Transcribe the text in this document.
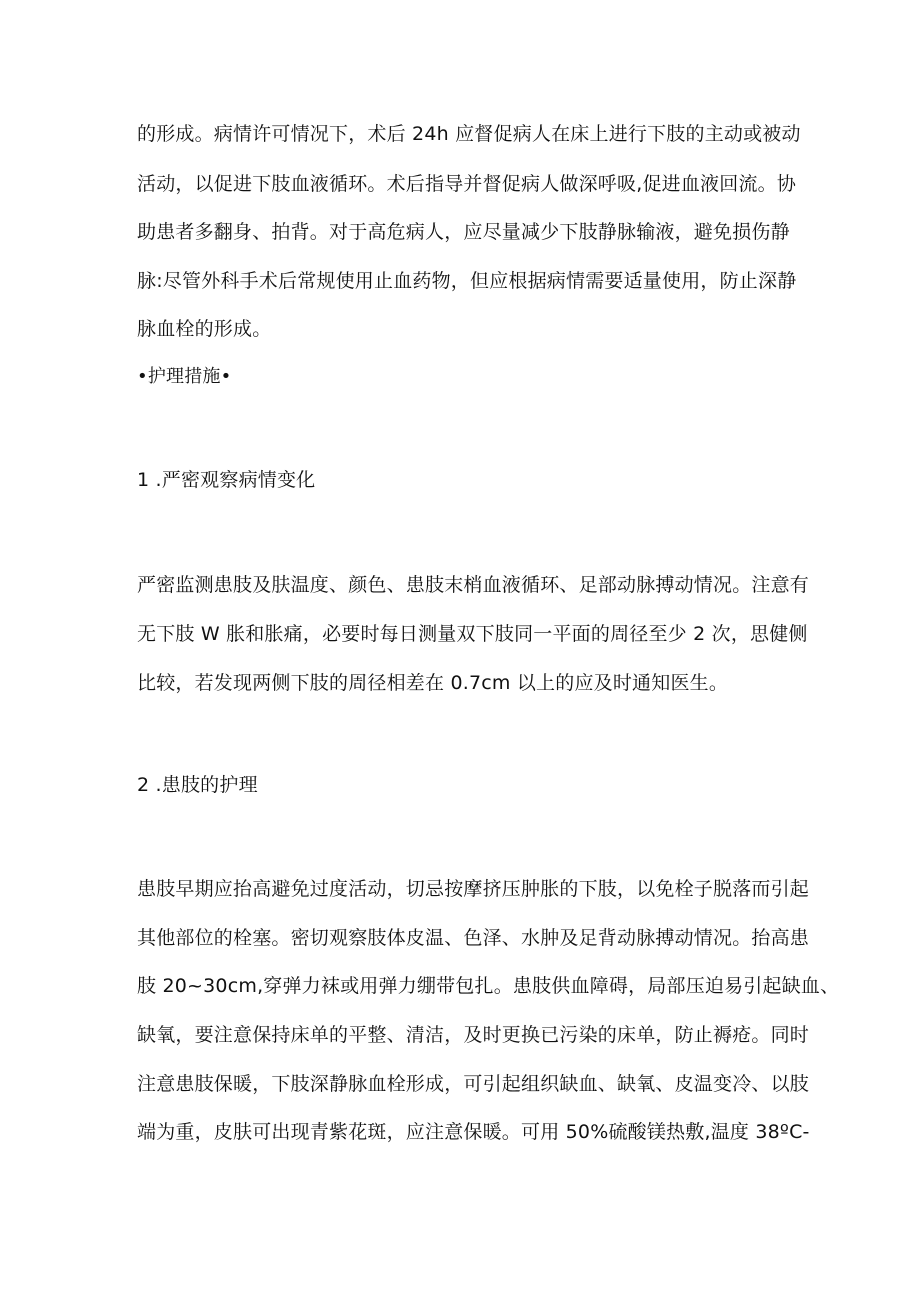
的形成。病情许可情况下，术后 24h 应督促病人在床上进行下肢的主动或被动
活动，以促进下肢血液循环。术后指导并督促病人做深呼吸,促进血液回流。协
助患者多翻身、拍背。对于高危病人，应尽量减少下肢静脉输液，避免损伤静
脉:尽管外科手术后常规使用止血药物，但应根据病情需要适量使用，防止深静
脉血栓的形成。
•护理措施•
1 .严密观察病情变化
严密监测患肢及肤温度、颜色、患肢末梢血液循环、足部动脉搏动情况。注意有
无下肢 W 胀和胀痛，必要时每日测量双下肢同一平面的周径至少 2 次，思健侧
比较，若发现两侧下肢的周径相差在 0.7cm 以上的应及时通知医生。
2 .患肢的护理
患肢早期应抬高避免过度活动，切忌按摩挤压肿胀的下肢，以免栓子脱落而引起
其他部位的栓塞。密切观察肢体皮温、色泽、水肿及足背动脉搏动情况。抬高患
肢 20~30cm,穿弹力袜或用弹力绷带包扎。患肢供血障碍，局部压迫易引起缺血、
缺氧，要注意保持床单的平整、清洁，及时更换已污染的床单，防止褥疮。同时
注意患肢保暖，下肢深静脉血栓形成，可引起组织缺血、缺氧、皮温变冷、以肢
端为重，皮肤可出现青紫花斑，应注意保暖。可用 50%硫酸镁热敷,温度 38ºC-
